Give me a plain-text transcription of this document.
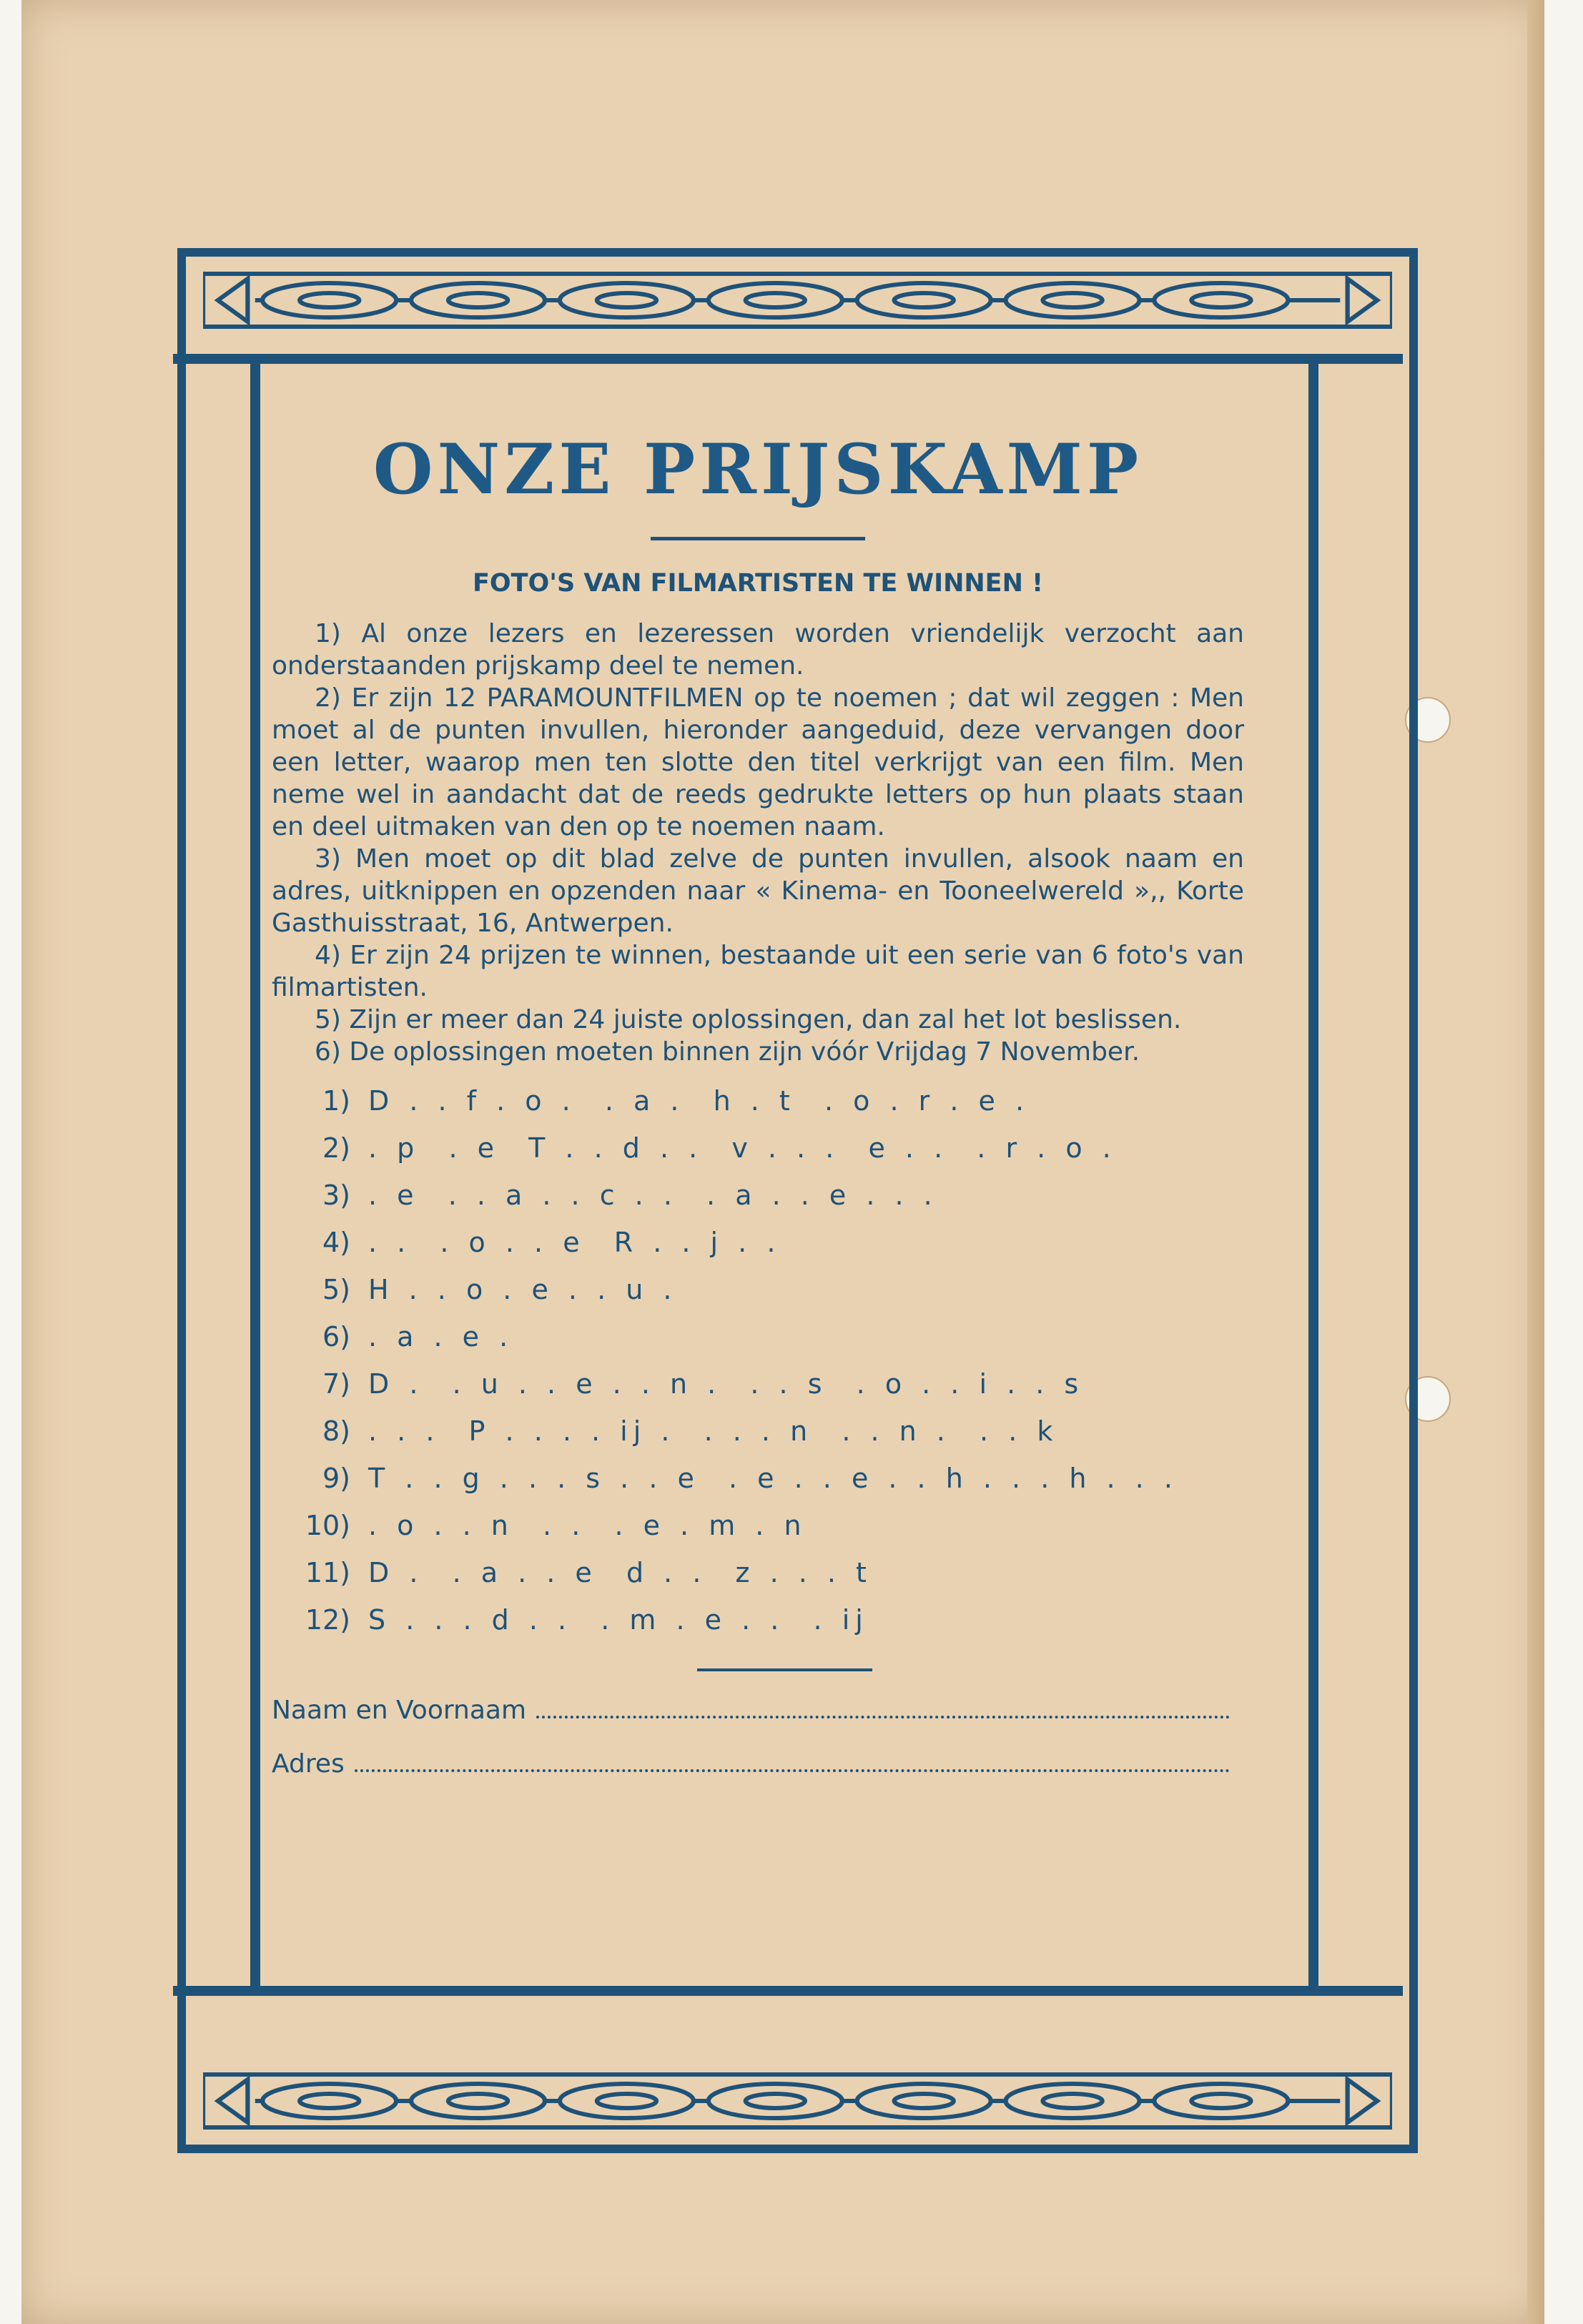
ONZE PRIJSKAMP
FOTO'S VAN FILMARTISTEN TE WINNEN !

1) Al onze lezers en lezeressen worden vriendelijk verzocht aan onderstaanden prijskamp deel te nemen.

2) Er zijn 12 PARAMOUNTFILMEN op te noemen ; dat wil zeggen : Men moet al de punten invullen, hieronder aangeduid, deze vervangen door een letter, waarop men ten slotte den titel verkrijgt van een film. Men neme wel in aandacht dat de reeds gedrukte letters op hun plaats staan en deel uitmaken van den op te noemen naam.

3) Men moet op dit blad zelve de punten invullen, alsook naam en adres, uitknippen en opzenden naar « Kinema- en Tooneelwereld »,, Korte Gasthuisstraat, 16, Antwerpen.

4) Er zijn 24 prijzen te winnen, bestaande uit een serie van 6 foto's van filmartisten.

5) Zijn er meer dan 24 juiste oplossingen, dan zal het lot beslissen.

6) De oplossingen moeten binnen zijn vóór Vrijdag 7 November.

1) D . . f . o .  . a .  h . t  . o . r . e .
2) . p  . e  T . . d . .  v . . .  e . .  . r . o .
3) . e  . . a . . c . .  . a . . e . . .
4) . .  . o . . e  R . . j . .
5) H . . o . e . . u .
6) . a . e .
7) D .  . u . . e . . n .  . . s  . o . . i . . s
8) . . .  P . . . . ij .  . . . n  . . n .  . . k
9) T . . g . . . s . . e  . e . . e . . h . . . h . . .
10) . o . . n  . .  . e . m . n
11) D .  . a . . e  d . .  z . . . t
12) S . . . d . .  . m . e . .  . ij
Naam en Voornaam
Adres
